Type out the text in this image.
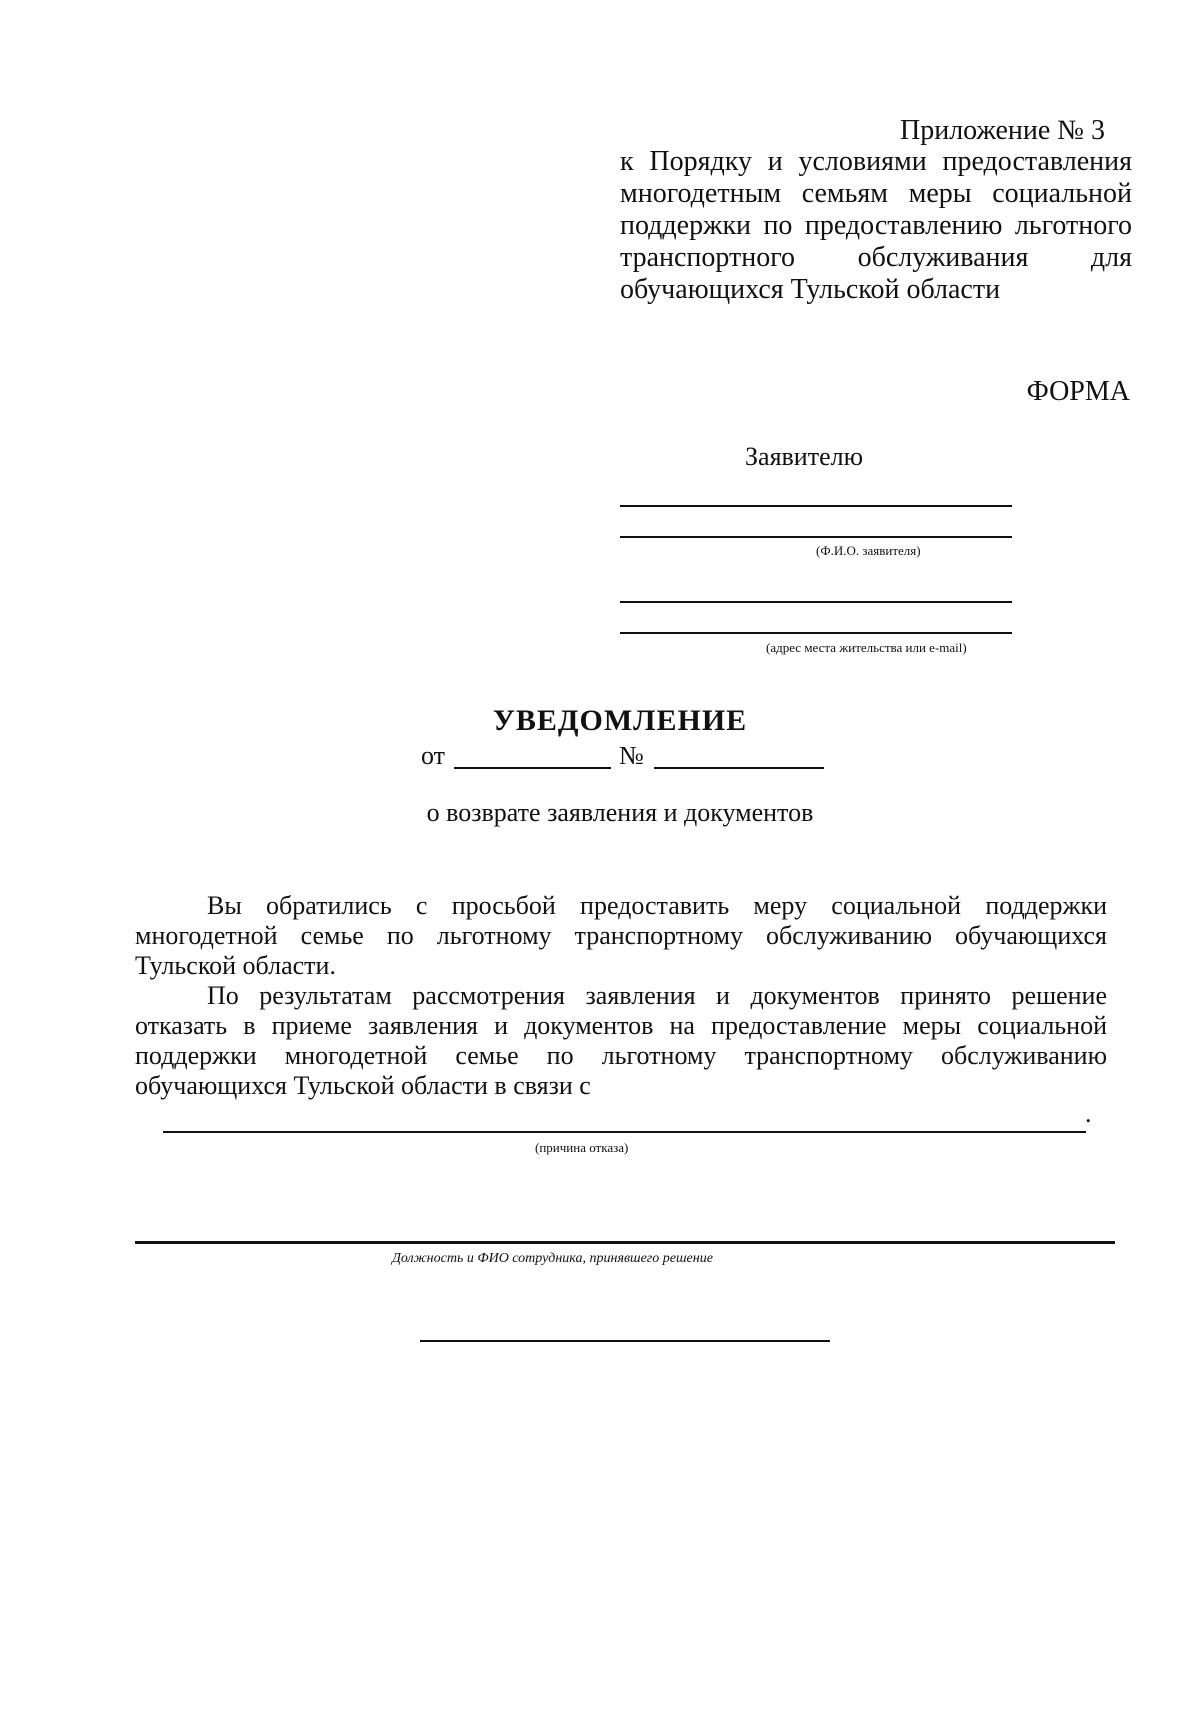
Приложение № 3
к Порядку и условиями предоставления многодетным семьям меры социальной поддержки по предоставлению льготного транспортного обслуживания для обучающихся Тульской области
ФОРМА
Заявителю
(Ф.И.О. заявителя)
(адрес места жительства или e-mail)
УВЕДОМЛЕНИЕ
от	№
о возврате заявления и документов

Вы обратились с просьбой предоставить меру социальной поддержки многодетной семье по льготному транспортному обслуживанию обучающихся Тульской области.

По результатам рассмотрения заявления и документов принято решение отказать в приеме заявления и документов на предоставление меры социальной поддержки многодетной семье по льготному транспортному обслуживанию обучающихся Тульской области в связи с

.
(причина отказа)
Должность и ФИО сотрудника, принявшего решение
